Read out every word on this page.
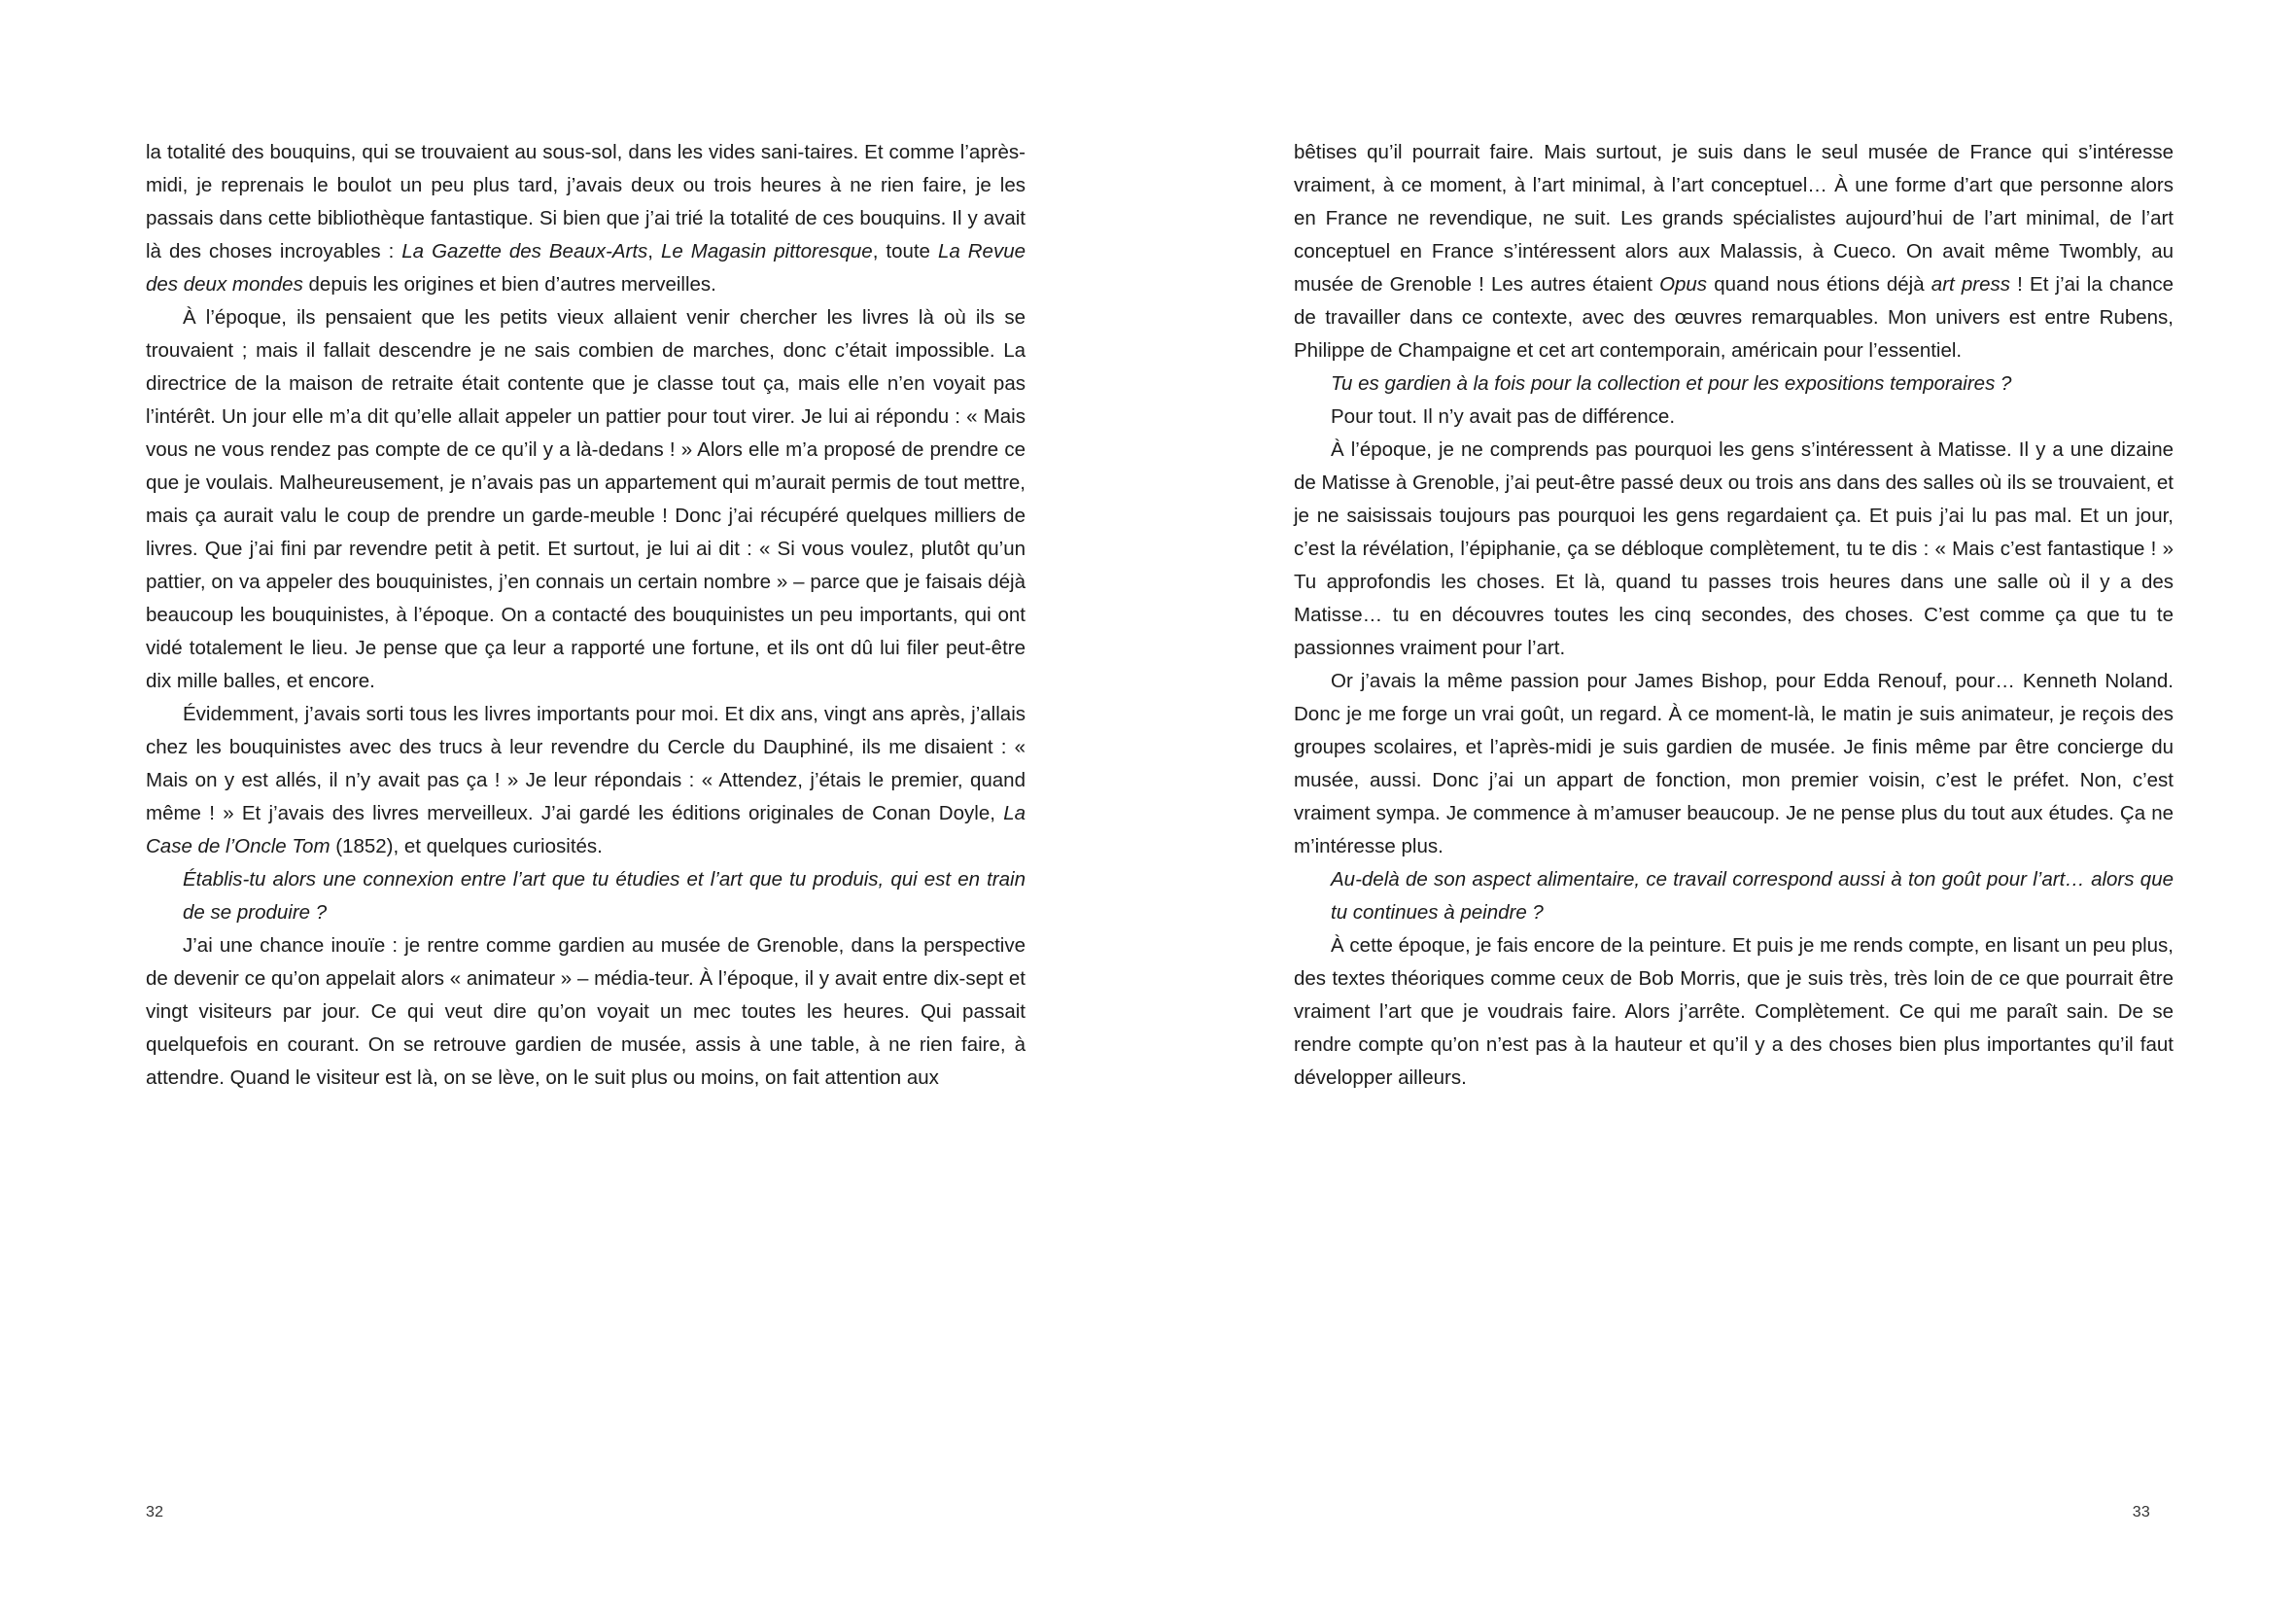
la totalité des bouquins, qui se trouvaient au sous-sol, dans les vides sani-taires. Et comme l’après-midi, je reprenais le boulot un peu plus tard, j’avais deux ou trois heures à ne rien faire, je les passais dans cette bibliothèque fantastique. Si bien que j’ai trié la totalité de ces bouquins. Il y avait là des choses incroyables : La Gazette des Beaux-Arts, Le Magasin pittoresque, toute La Revue des deux mondes depuis les origines et bien d’autres merveilles.

À l’époque, ils pensaient que les petits vieux allaient venir chercher les livres là où ils se trouvaient ; mais il fallait descendre je ne sais combien de marches, donc c’était impossible. La directrice de la maison de retraite était contente que je classe tout ça, mais elle n’en voyait pas l’intérêt. Un jour elle m’a dit qu’elle allait appeler un pattier pour tout virer. Je lui ai répondu : « Mais vous ne vous rendez pas compte de ce qu’il y a là-dedans ! » Alors elle m’a proposé de prendre ce que je voulais. Malheureusement, je n’avais pas un appartement qui m’aurait permis de tout mettre, mais ça aurait valu le coup de prendre un garde-meuble ! Donc j’ai récupéré quelques milliers de livres. Que j’ai fini par revendre petit à petit. Et surtout, je lui ai dit : « Si vous voulez, plutôt qu’un pattier, on va appeler des bouquinistes, j’en connais un certain nombre » – parce que je faisais déjà beaucoup les bouquinistes, à l’époque. On a contacté des bouquinistes un peu importants, qui ont vidé totalement le lieu. Je pense que ça leur a rapporté une fortune, et ils ont dû lui filer peut-être dix mille balles, et encore.

Évidemment, j’avais sorti tous les livres importants pour moi. Et dix ans, vingt ans après, j’allais chez les bouquinistes avec des trucs à leur revendre du Cercle du Dauphiné, ils me disaient : « Mais on y est allés, il n’y avait pas ça ! » Je leur répondais : « Attendez, j’étais le premier, quand même ! » Et j’avais des livres merveilleux. J’ai gardé les éditions originales de Conan Doyle, La Case de l’Oncle Tom (1852), et quelques curiosités.

Établis-tu alors une connexion entre l’art que tu étudies et l’art que tu produis, qui est en train de se produire ?

J’ai une chance inouïe : je rentre comme gardien au musée de Grenoble, dans la perspective de devenir ce qu’on appelait alors « animateur » – média-teur. À l’époque, il y avait entre dix-sept et vingt visiteurs par jour. Ce qui veut dire qu’on voyait un mec toutes les heures. Qui passait quelquefois en courant. On se retrouve gardien de musée, assis à une table, à ne rien faire, à attendre. Quand le visiteur est là, on se lève, on le suit plus ou moins, on fait attention aux

32

bêtises qu’il pourrait faire. Mais surtout, je suis dans le seul musée de France qui s’intéresse vraiment, à ce moment, à l’art minimal, à l’art conceptuel… À une forme d’art que personne alors en France ne revendique, ne suit. Les grands spécialistes aujourd’hui de l’art minimal, de l’art conceptuel en France s’intéressent alors aux Malassis, à Cueco. On avait même Twombly, au musée de Grenoble ! Les autres étaient Opus quand nous étions déjà art press ! Et j’ai la chance de travailler dans ce contexte, avec des œuvres remarquables. Mon univers est entre Rubens, Philippe de Champaigne et cet art contemporain, américain pour l’essentiel.

Tu es gardien à la fois pour la collection et pour les expositions temporaires ?

Pour tout. Il n’y avait pas de différence.

À l’époque, je ne comprends pas pourquoi les gens s’intéressent à Matisse. Il y a une dizaine de Matisse à Grenoble, j’ai peut-être passé deux ou trois ans dans des salles où ils se trouvaient, et je ne saisissais toujours pas pourquoi les gens regardaient ça. Et puis j’ai lu pas mal. Et un jour, c’est la révélation, l’épiphanie, ça se débloque complètement, tu te dis : « Mais c’est fantastique ! » Tu approfondis les choses. Et là, quand tu passes trois heures dans une salle où il y a des Matisse… tu en découvres toutes les cinq secondes, des choses. C’est comme ça que tu te passionnes vraiment pour l’art.

Or j’avais la même passion pour James Bishop, pour Edda Renouf, pour… Kenneth Noland. Donc je me forge un vrai goût, un regard. À ce moment-là, le matin je suis animateur, je reçois des groupes scolaires, et l’après-midi je suis gardien de musée. Je finis même par être concierge du musée, aussi. Donc j’ai un appart de fonction, mon premier voisin, c’est le préfet. Non, c’est vraiment sympa. Je commence à m’amuser beaucoup. Je ne pense plus du tout aux études. Ça ne m’intéresse plus.

Au-delà de son aspect alimentaire, ce travail correspond aussi à ton goût pour l’art… alors que tu continues à peindre ?

À cette époque, je fais encore de la peinture. Et puis je me rends compte, en lisant un peu plus, des textes théoriques comme ceux de Bob Morris, que je suis très, très loin de ce que pourrait être vraiment l’art que je voudrais faire. Alors j’arrête. Complètement. Ce qui me paraît sain. De se rendre compte qu’on n’est pas à la hauteur et qu’il y a des choses bien plus importantes qu’il faut développer ailleurs.

33
